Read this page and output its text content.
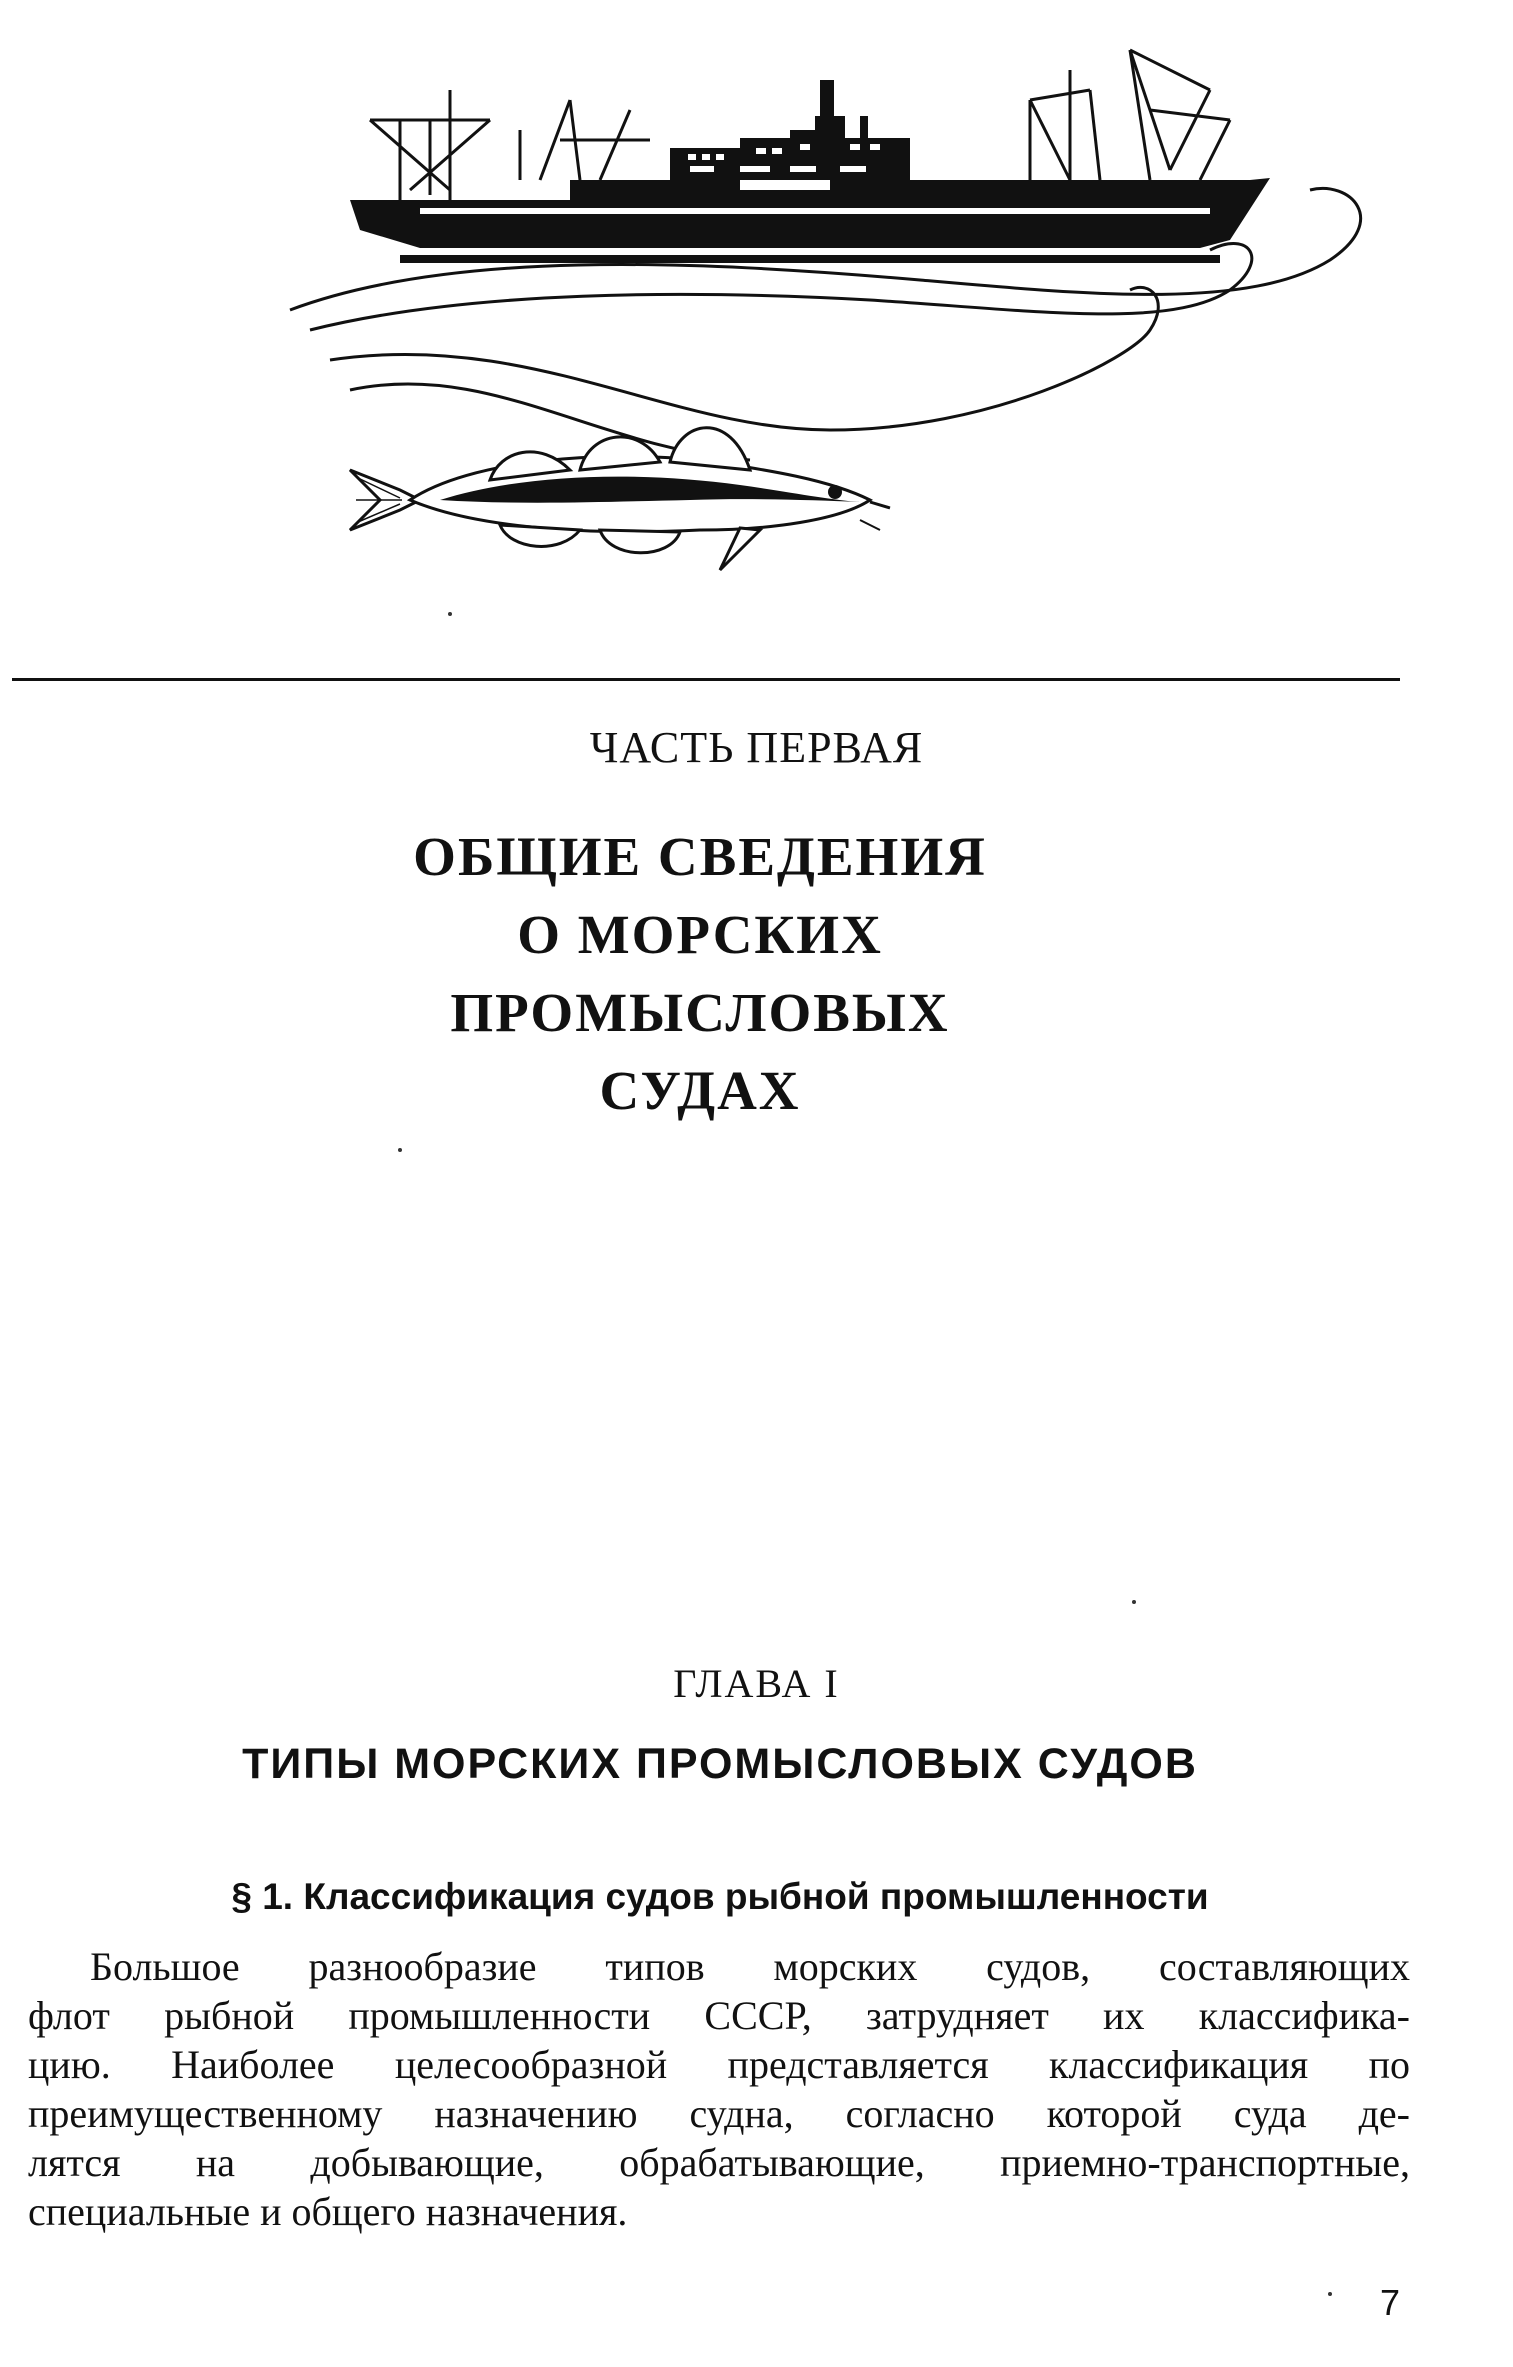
ЧАСТЬ ПЕРВАЯ
ОБЩИЕ СВЕДЕНИЯ
О МОРСКИХ
ПРОМЫСЛОВЫХ
СУДАХ
ГЛАВА I
ТИПЫ МОРСКИХ ПРОМЫСЛОВЫХ СУДОВ
§ 1. Классификация судов рыбной промышленности
Большое разнообразие типов морских судов, составляющих
флот рыбной промышленности СССР, затрудняет их классифика-
цию. Наиболее целесообразной представляется классификация по
преимущественному назначению судна, согласно которой суда де-
лятся на добывающие, обрабатывающие, приемно-транспортные,
специальные и общего назначения.
7
